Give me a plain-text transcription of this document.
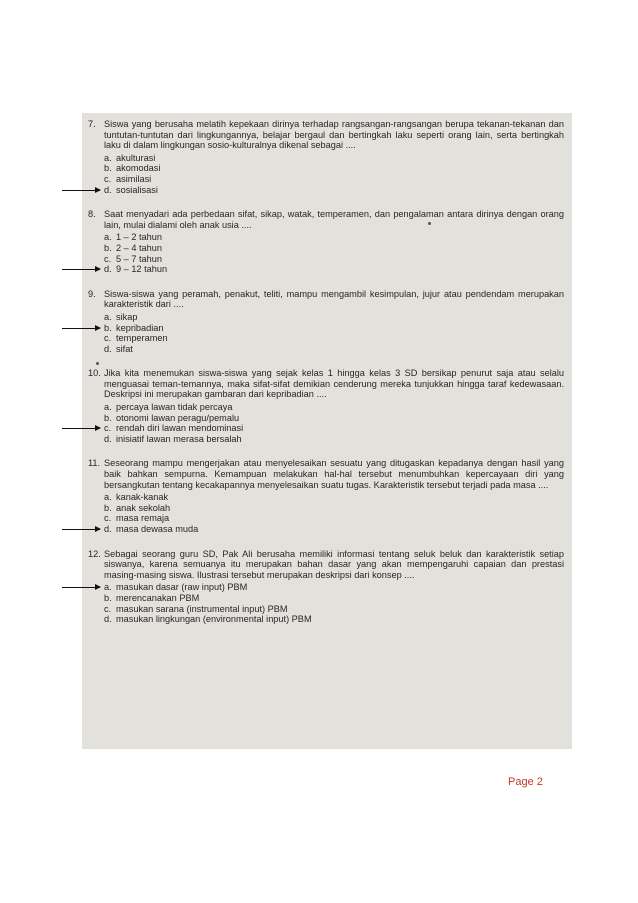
7. Siswa yang berusaha melatih kepekaan dirinya terhadap rangsangan-rangsangan berupa tekanan-tekanan dan tuntutan-tuntutan dari lingkungannya, belajar bergaul dan bertingkah laku seperti orang lain, serta bertingkah laku di dalam lingkungan sosio-kulturalnya dikenal sebagai ....
a. akulturasi
b. akomodasi
c. asimilasi
d. sosialisasi
8. Saat menyadari ada perbedaan sifat, sikap, watak, temperamen, dan pengalaman antara dirinya dengan orang lain, mulai dialami oleh anak usia ....
a. 1 – 2 tahun
b. 2 – 4 tahun
c. 5 – 7 tahun
d. 9 – 12 tahun
9. Siswa-siswa yang peramah, penakut, teliti, mampu mengambil kesimpulan, jujur atau pendendam merupakan karakteristik dari ....
a. sikap
b. kepribadian
c. temperamen
d. sifat
10. Jika kita menemukan siswa-siswa yang sejak kelas 1 hingga kelas 3 SD bersikap penurut saja atau selalu menguasai teman-temannya, maka sifat-sifat demikian cenderung mereka tunjukkan hingga taraf kedewasaan. Deskripsi ini merupakan gambaran dari kepribadian ....
a. percaya lawan tidak percaya
b. otonomi lawan peragu/pemalu
c. rendah diri lawan mendominasi
d. inisiatif lawan merasa bersalah
11. Seseorang mampu mengerjakan atau menyelesaikan sesuatu yang ditugaskan kepadanya dengan hasil yang baik bahkan sempurna. Kemampuan melakukan hal-hal tersebut menumbuhkan kepercayaan diri yang bersangkutan tentang kecakapannya menyelesaikan suatu tugas. Karakteristik tersebut terjadi pada masa ....
a. kanak-kanak
b. anak sekolah
c. masa remaja
d. masa dewasa muda
12. Sebagai seorang guru SD, Pak Ali berusaha memiliki informasi tentang seluk beluk dan karakteristik setiap siswanya, karena semuanya itu merupakan bahan dasar yang akan mempengaruhi capaian dan prestasi masing-masing siswa. Ilustrasi tersebut merupakan deskripsi dari konsep ....
a. masukan dasar (raw input) PBM
b. merencanakan PBM
c. masukan sarana (instrumental input) PBM
d. masukan lingkungan (environmental input) PBM
Page 2
